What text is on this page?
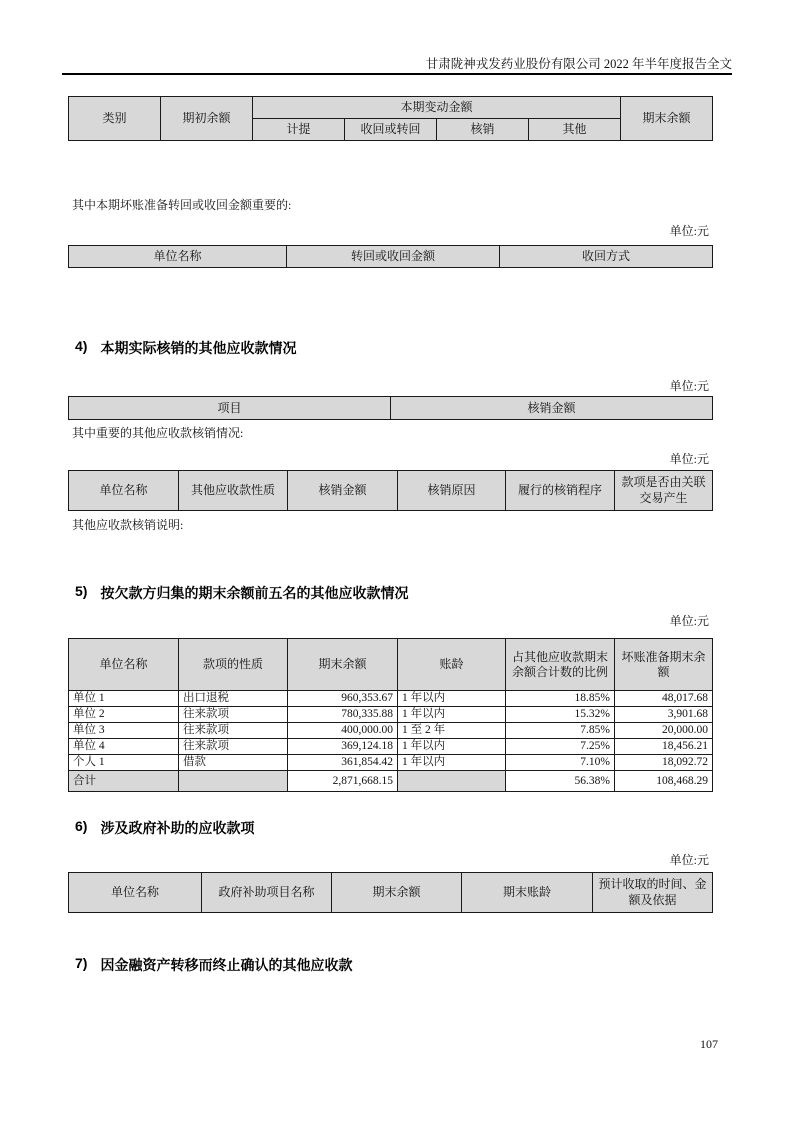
甘肃陇神戎发药业股份有限公司 2022 年半年度报告全文
类别	期初余额	本期变动金额				期末余额
		计提	收回或转回	核销	其他	
其中本期坏账准备转回或收回金额重要的:
单位:元
单位名称	转回或收回金额	收回方式
4) 本期实际核销的其他应收款情况
单位:元
项目	核销金额
其中重要的其他应收款核销情况:
单位:元
单位名称	其他应收款性质	核销金额	核销原因	履行的核销程序	款项是否由关联交易产生
其他应收款核销说明:
5) 按欠款方归集的期末余额前五名的其他应收款情况
单位:元
单位名称	款项的性质	期末余额	账龄	占其他应收款期末余额合计数的比例	坏账准备期末余额
单位 1	出口退税	960,353.67	1 年以内	18.85%	48,017.68
单位 2	往来款项	780,335.88	1 年以内	15.32%	3,901.68
单位 3	往来款项	400,000.00	1 至 2 年	7.85%	20,000.00
单位 4	往来款项	369,124.18	1 年以内	7.25%	18,456.21
个人 1	借款	361,854.42	1 年以内	7.10%	18,092.72
合计		2,871,668.15		56.38%	108,468.29
6) 涉及政府补助的应收款项
单位:元
单位名称	政府补助项目名称	期末余额	期末账龄	预计收取的时间、金额及依据
7) 因金融资产转移而终止确认的其他应收款
107
